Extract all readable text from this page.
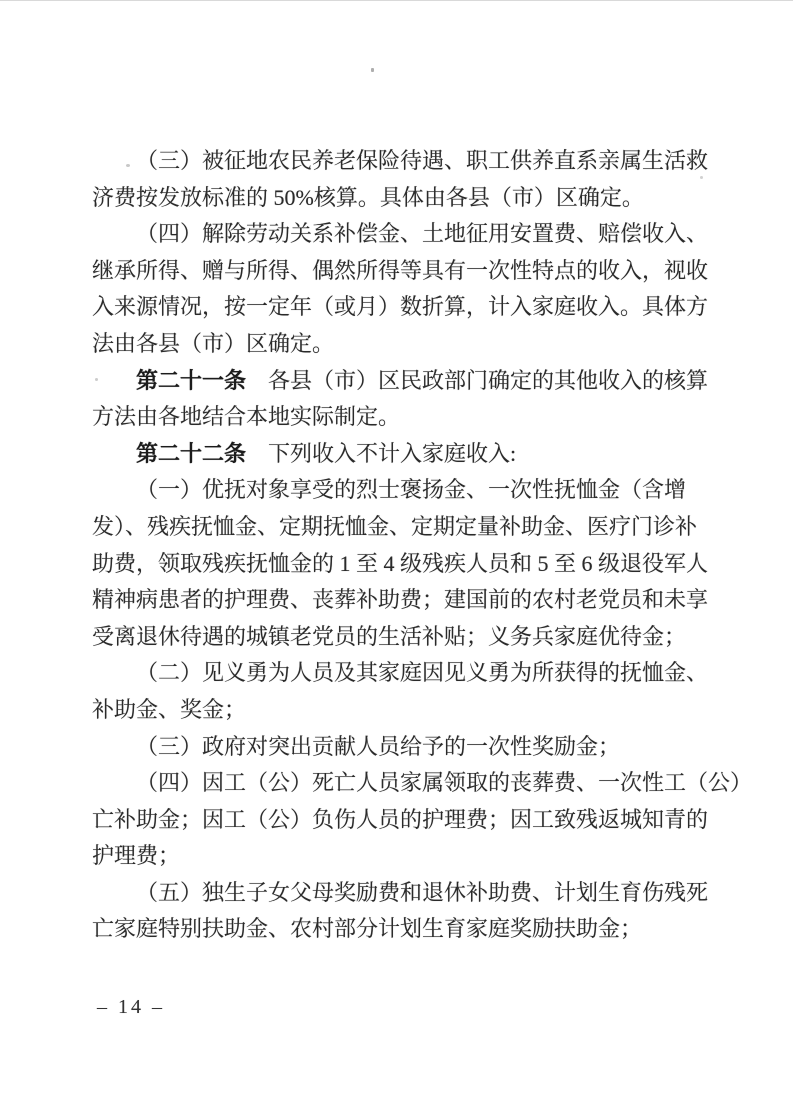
（三）被征地农民养老保险待遇、职工供养直系亲属生活救
济费按发放标准的 50%核算。具体由各县（市）区确定。
（四）解除劳动关系补偿金、土地征用安置费、赔偿收入、
继承所得、赠与所得、偶然所得等具有一次性特点的收入，视收
入来源情况，按一定年（或月）数折算，计入家庭收入。具体方
法由各县（市）区确定。
第二十一条　各县（市）区民政部门确定的其他收入的核算
方法由各地结合本地实际制定。
第二十二条　下列收入不计入家庭收入:
（一）优抚对象享受的烈士褒扬金、一次性抚恤金（含增
发）、残疾抚恤金、定期抚恤金、定期定量补助金、医疗门诊补
助费，领取残疾抚恤金的 1 至 4 级残疾人员和 5 至 6 级退役军人
精神病患者的护理费、丧葬补助费；建国前的农村老党员和未享
受离退休待遇的城镇老党员的生活补贴；义务兵家庭优待金；
（二）见义勇为人员及其家庭因见义勇为所获得的抚恤金、
补助金、奖金；
（三）政府对突出贡献人员给予的一次性奖励金；
（四）因工（公）死亡人员家属领取的丧葬费、一次性工（公）
亡补助金；因工（公）负伤人员的护理费；因工致残返城知青的
护理费；
（五）独生子女父母奖励费和退休补助费、计划生育伤残死
亡家庭特别扶助金、农村部分计划生育家庭奖励扶助金；
– 14 –
